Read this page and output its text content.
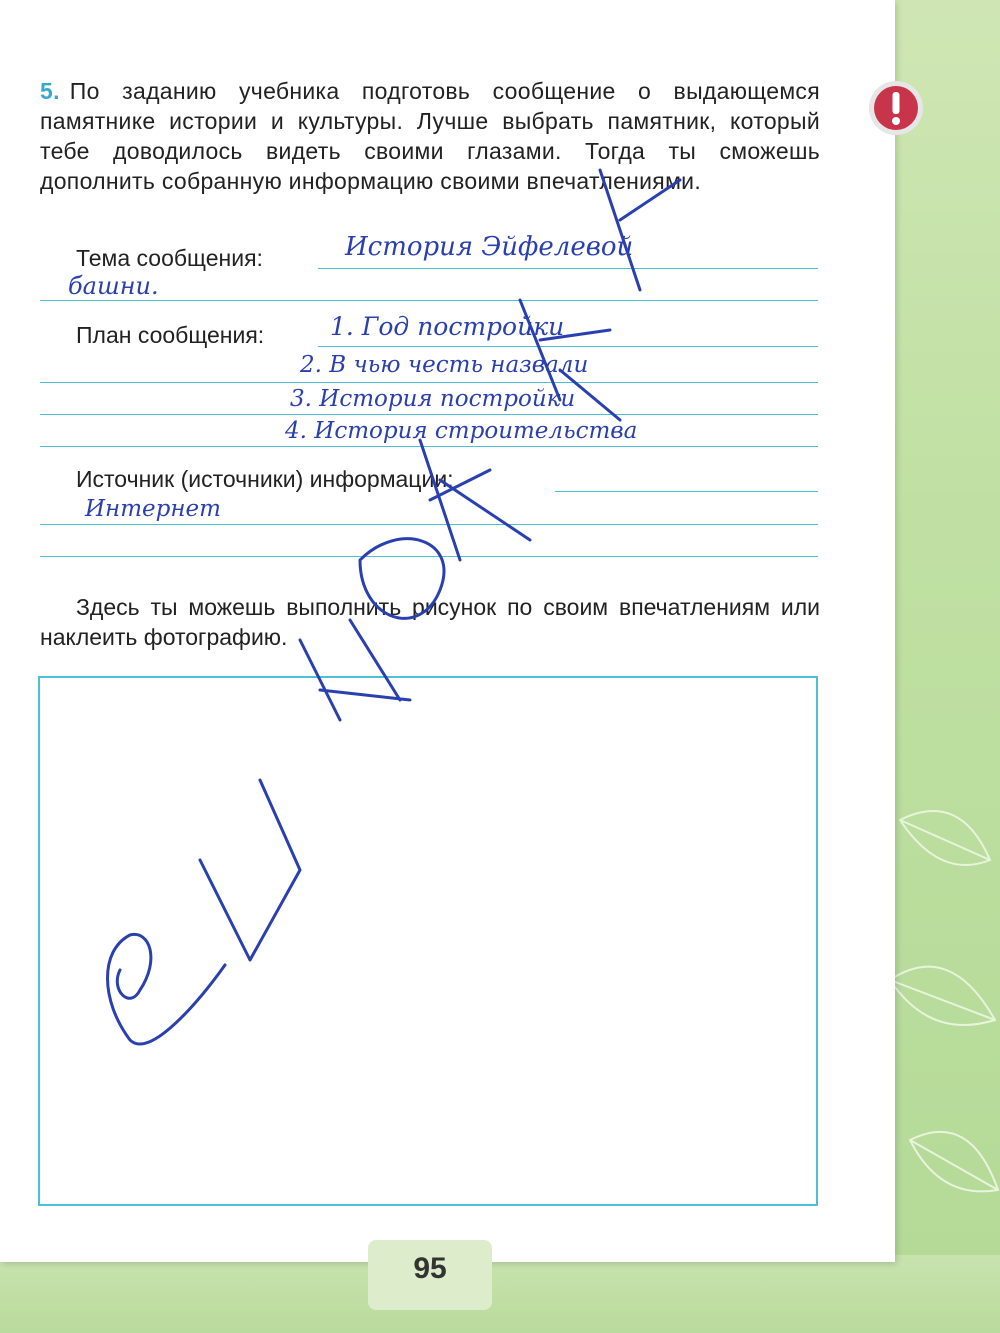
5. По заданию учебника подготовь сообщение о выдающемся памятнике истории и культуры. Лучше выбрать памятник, который тебе доводилось видеть своими глазами. Тогда ты сможешь дополнить собранную информацию своими впечатлениями.
Тема сообщения:	История Эйфелевой
башни.
План сообщения:	1. Год постройки
2. В чью честь назвали
3. История постройки
4. История строительства
Источник (источники) информации:
Интернет
Здесь ты можешь выполнить рисунок по своим впечатлениям или наклеить фотографию.
95
